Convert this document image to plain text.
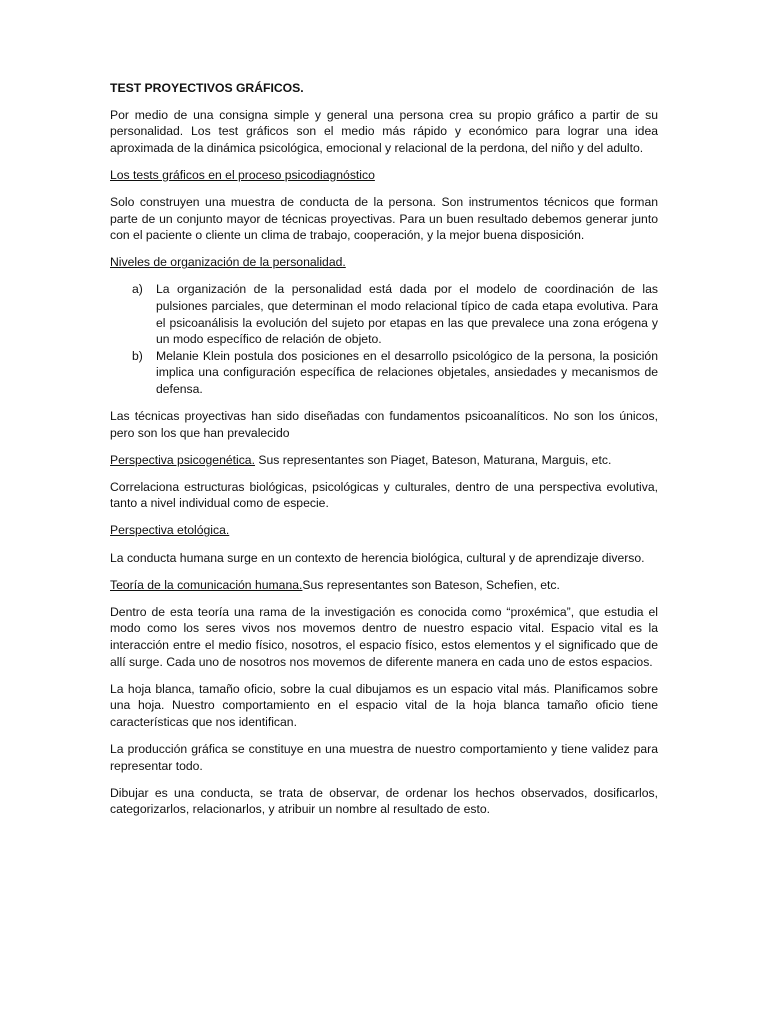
TEST PROYECTIVOS GRÁFICOS.

Por medio de una consigna simple y general una persona crea su propio gráfico a partir de su personalidad. Los test gráficos son el medio más rápido y económico para lograr una idea aproximada de la dinámica psicológica, emocional y relacional de la perdona, del niño y del adulto.

Los tests gráficos en el proceso psicodiagnóstico

Solo construyen una muestra de conducta de la persona. Son instrumentos técnicos que forman parte de un conjunto mayor de técnicas proyectivas. Para un buen resultado debemos generar junto con el paciente o cliente un clima de trabajo, cooperación, y la mejor buena disposición.

Niveles de organización de la personalidad.

a) La organización de la personalidad está dada por el modelo de coordinación de las pulsiones parciales, que determinan el modo relacional típico de cada etapa evolutiva. Para el psicoanálisis la evolución del sujeto por etapas en las que prevalece una zona erógena y un modo específico de relación de objeto.
b) Melanie Klein postula dos posiciones en el desarrollo psicológico de la persona, la posición implica una configuración específica de relaciones objetales, ansiedades y mecanismos de defensa.

Las técnicas proyectivas han sido diseñadas con fundamentos psicoanalíticos. No son los únicos, pero son los que han prevalecido

Perspectiva psicogenética. Sus representantes son Piaget, Bateson, Maturana, Marguis, etc.

Correlaciona estructuras biológicas, psicológicas y culturales, dentro de una perspectiva evolutiva, tanto a nivel individual como de especie.

Perspectiva etológica.

La conducta humana surge en un contexto de herencia biológica, cultural y de aprendizaje diverso.

Teoría de la comunicación humana.Sus representantes son Bateson, Schefien, etc.

Dentro de esta teoría una rama de la investigación es conocida como “proxémica”, que estudia el modo como los seres vivos nos movemos dentro de nuestro espacio vital. Espacio vital es la interacción entre el medio físico, nosotros, el espacio físico, estos elementos y el significado que de allí surge. Cada uno de nosotros nos movemos de diferente manera en cada uno de estos espacios.

La hoja blanca, tamaño oficio, sobre la cual dibujamos es un espacio vital más. Planificamos sobre una hoja. Nuestro comportamiento en el espacio vital de la hoja blanca tamaño oficio tiene características que nos identifican.

La producción gráfica se constituye en una muestra de nuestro comportamiento y tiene validez para representar todo.

Dibujar es una conducta, se trata de observar, de ordenar los hechos observados, dosificarlos, categorizarlos, relacionarlos, y atribuir un nombre al resultado de esto.
